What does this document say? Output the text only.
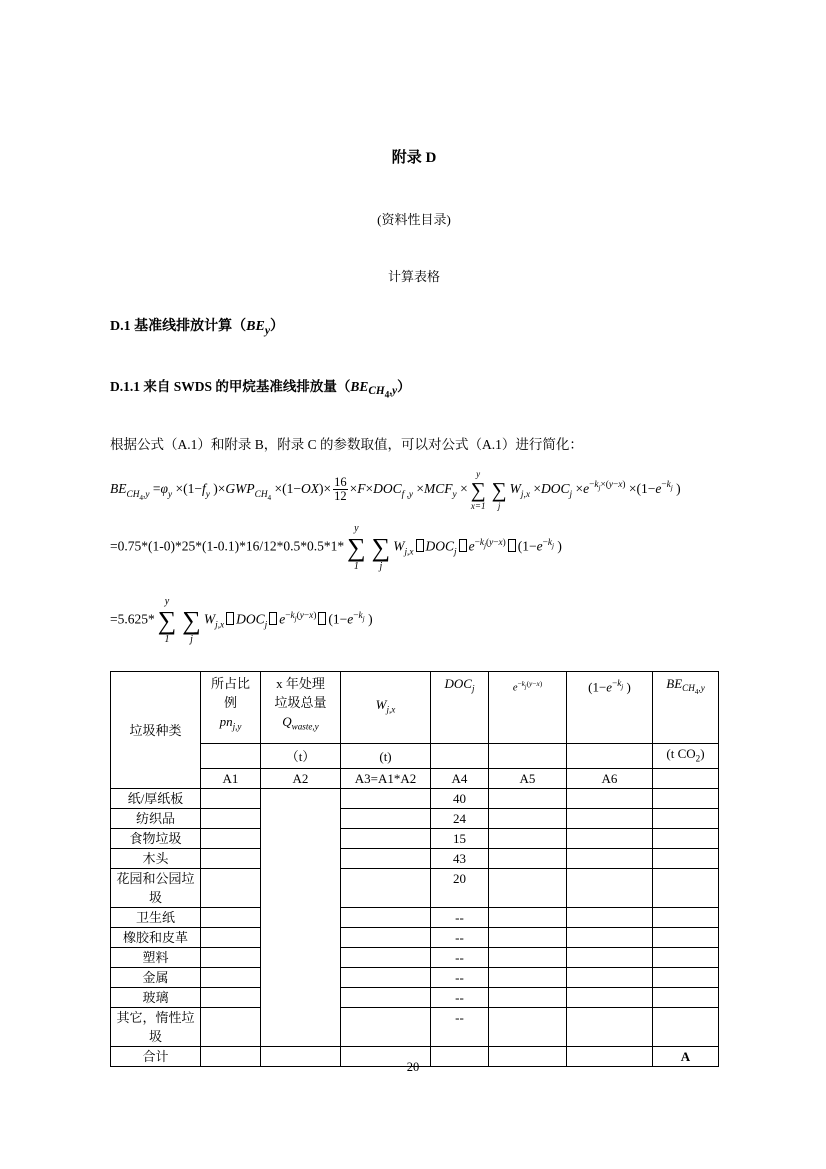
附录 D
(资料性目录)
计算表格
D.1 基准线排放计算$(BE_y)$
D.1.1 来自 SWDS 的甲烷基准线排放量$(BE_{CH_4,y})$
根据公式（A.1）和附录 B，附录 C 的参数取值，可以对公式（A.1）进行简化：
$BE_{CH_4,y} =\varphi_y \times(1-f_y$ )$\times GWP_{CH_4} \times(1-OX)\times \frac{16}{12} \times F\times DOC_{f ,y} \times MCF_y$ ×
y
∑
x=1

∑
j
$W_{j,x} \times DOC_j \times e^{-k_j\times(y-x)} \times(1-e^{-k_j}$ )
=0.75*(1-0)*25*(1-0.1)*16/12*0.5*0.5*1*
y
∑
1

∑
j
$W_{j,x}$ $DOC_j$ $e^{-k_j(y-x)}$ ($1-e^{-k_j}$ )
=5.625*
y
∑
1

∑
j
$W_{j,x}$ $DOC_j$ $e^{-k_j(y-x)}$ ($1-e^{-k_j}$ )
垃圾种类	所占比
例
$pn_{j,y}$	x 年处理
垃圾总量
$Q_{waste,y}$	$W_{j,x}$	$DOC_j$	$e^{-k_j(y-x)}$	($1-e^{-k_j}$ )	$BE_{CH_4,y}$
		（t）	(t)				(t $CO_2$)
	A1	A2	A3=A1*A2	A4	A5	A6	
纸/厚纸板				40			
纺织品				24			
食物垃圾				15			
木头				43			
花园和公园垃圾				20			
卫生纸				--			
橡胶和皮革				--			
塑料				--			
金属				--			
玻璃				--			
其它，惰性垃圾				--			
合计							A
20
